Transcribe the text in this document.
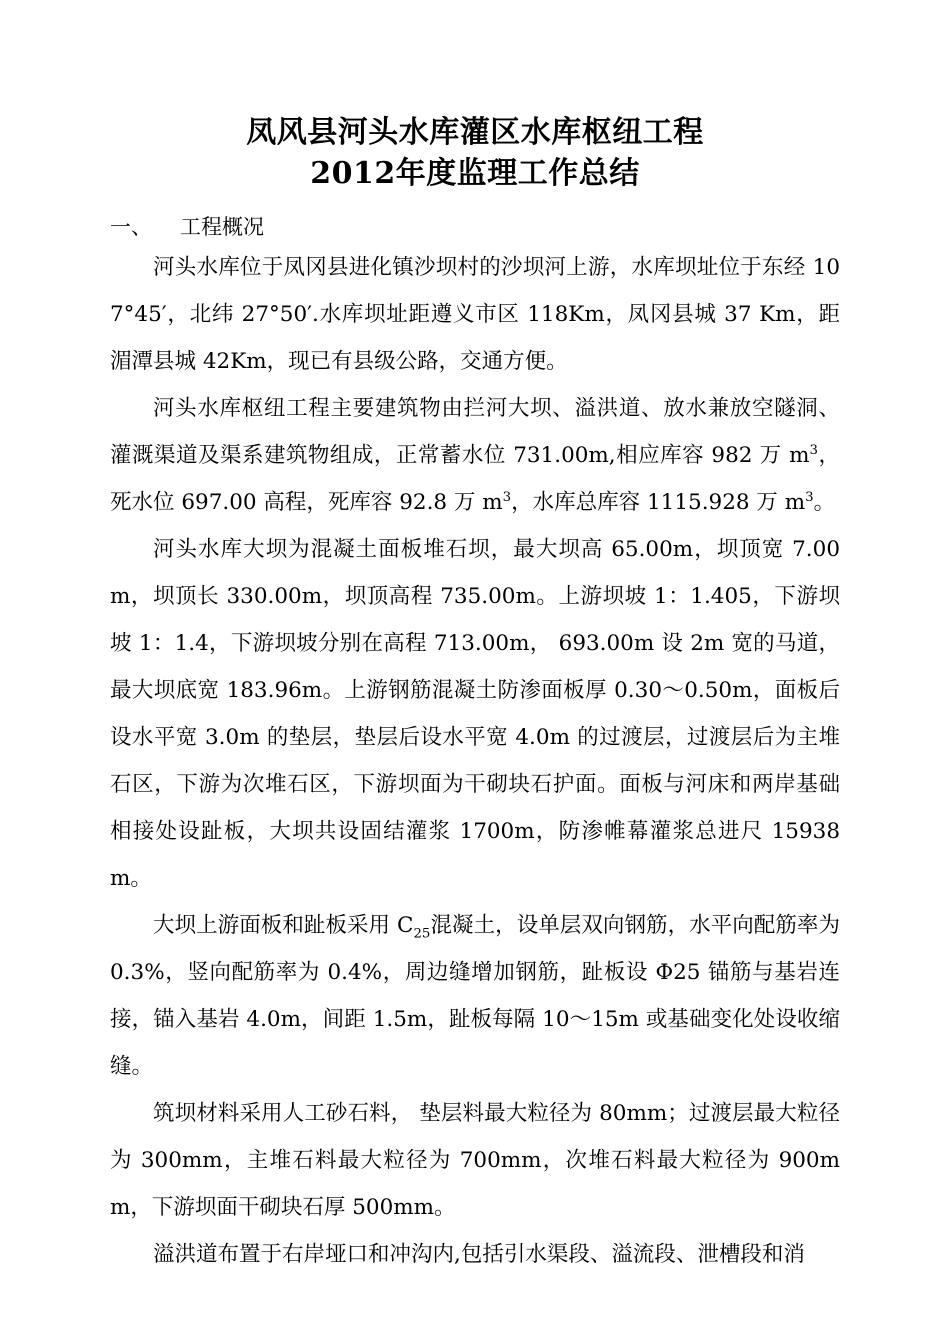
凤风县河头水库灌区水库枢纽工程
2012年度监理工作总结
一、 工程概况

河头水库位于凤冈县进化镇沙坝村的沙坝河上游，水库坝址位于东经 107°45′，北纬 27°50′.水库坝址距遵义市区 118Km，凤冈县城 37 Km，距湄潭县城 42Km，现已有县级公路，交通方便。

河头水库枢纽工程主要建筑物由拦河大坝、溢洪道、放水兼放空隧洞、灌溉渠道及渠系建筑物组成，正常蓄水位 731.00m,相应库容 982 万 $m^3$，死水位 697.00 高程，死库容 92.8 万 $m^3$，水库总库容 1115.928 万 $m^3$。

河头水库大坝为混凝土面板堆石坝，最大坝高 65.00m，坝顶宽 7.00m，坝顶长 330.00m，坝顶高程 735.00m。上游坝坡 1：1.405，下游坝坡 1：1.4，下游坝坡分别在高程 713.00m， 693.00m 设 2m 宽的马道， 最大坝底宽 183.96m。上游钢筋混凝土防渗面板厚 0.30～0.50m，面板后设水平宽 3.0m 的垫层，垫层后设水平宽 4.0m 的过渡层，过渡层后为主堆石区，下游为次堆石区，下游坝面为干砌块石护面。面板与河床和两岸基础相接处设趾板，大坝共设固结灌浆 1700m，防渗帷幕灌浆总进尺 15938m。

大坝上游面板和趾板采用 $C_{25}$混凝土，设单层双向钢筋，水平向配筋率为 0.3%，竖向配筋率为 0.4%，周边缝增加钢筋，趾板设 Φ25 锚筋与基岩连接，锚入基岩 4.0m，间距 1.5m，趾板每隔 10～15m 或基础变化处设收缩缝。

筑坝材料采用人工砂石料， 垫层料最大粒径为 80mm；过渡层最大粒径为 300mm，主堆石料最大粒径为 700mm，次堆石料最大粒径为 900mm，下游坝面干砌块石厚 500mm。

溢洪道布置于右岸垭口和冲沟内,包括引水渠段、溢流段、泄槽段和消
